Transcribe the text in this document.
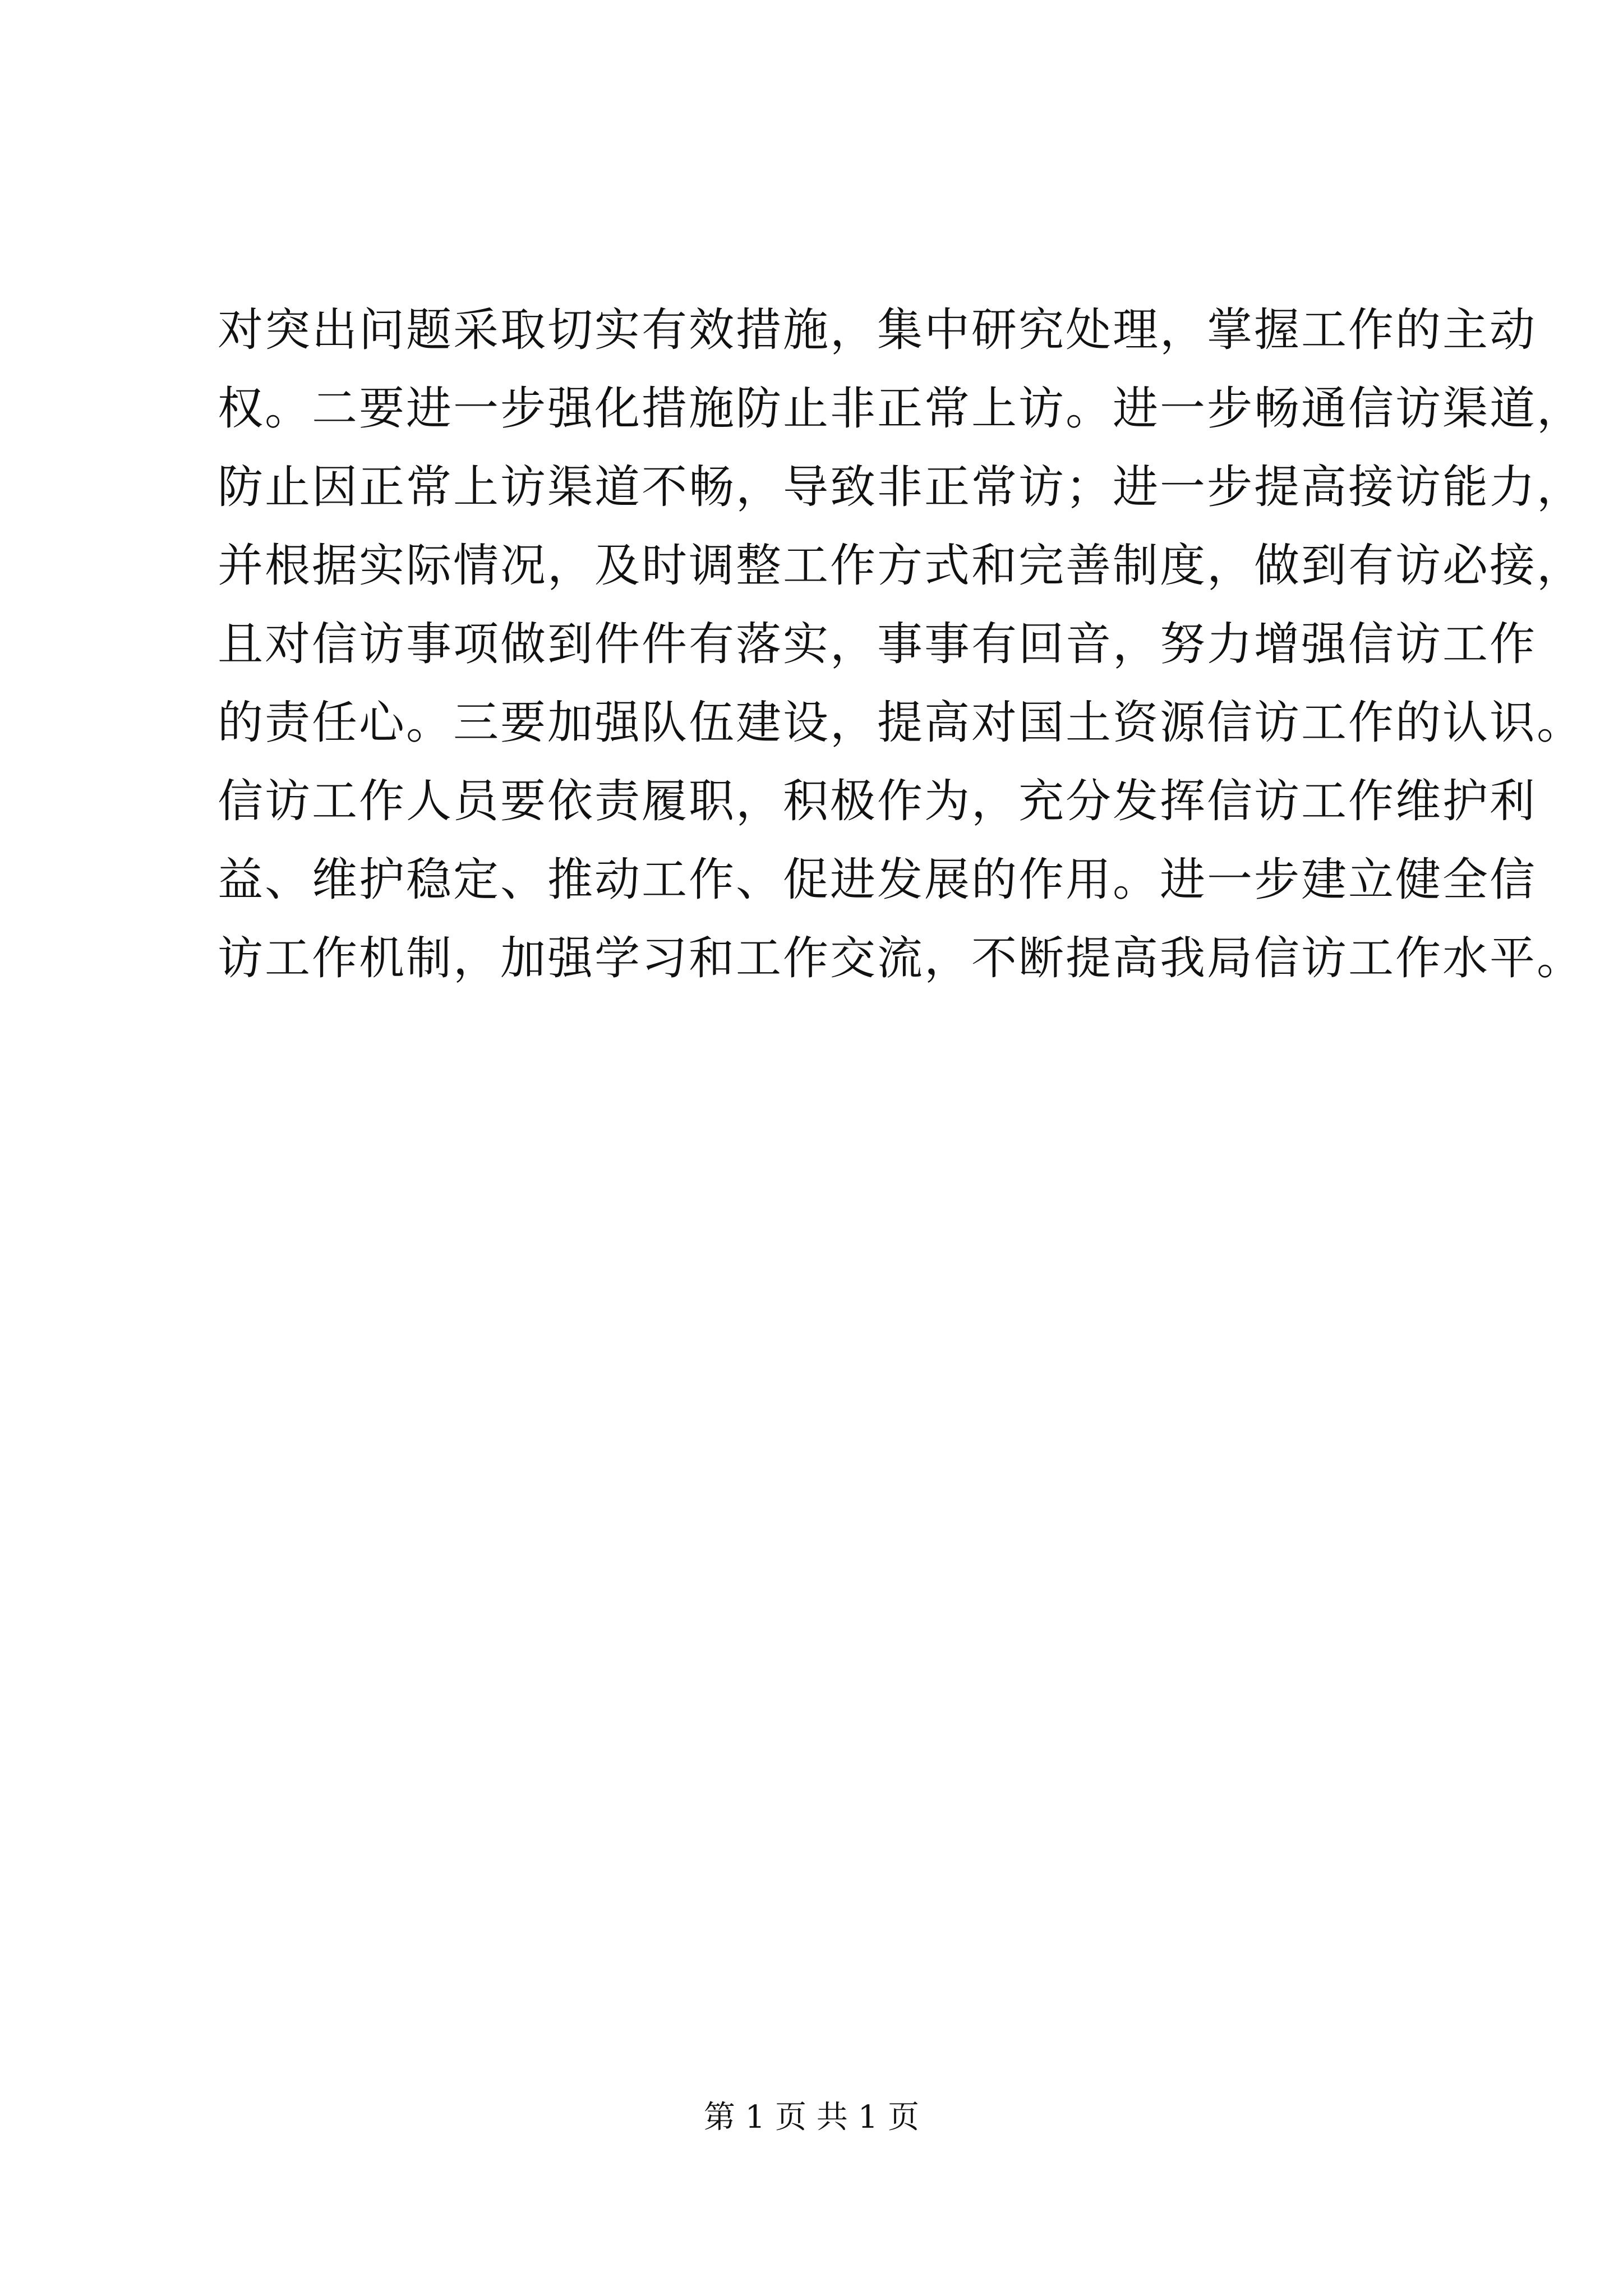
对突出问题采取切实有效措施，集中研究处理，掌握工作的主动
权。二要进一步强化措施防止非正常上访。进一步畅通信访渠道，
防止因正常上访渠道不畅，导致非正常访；进一步提高接访能力，
并根据实际情况，及时调整工作方式和完善制度，做到有访必接，
且对信访事项做到件件有落实，事事有回音，努力增强信访工作
的责任心。三要加强队伍建设，提高对国土资源信访工作的认识。
信访工作人员要依责履职，积极作为，充分发挥信访工作维护利
益、维护稳定、推动工作、促进发展的作用。进一步建立健全信
访工作机制，加强学习和工作交流，不断提高我局信访工作水平。
第 1 页 共 1 页
